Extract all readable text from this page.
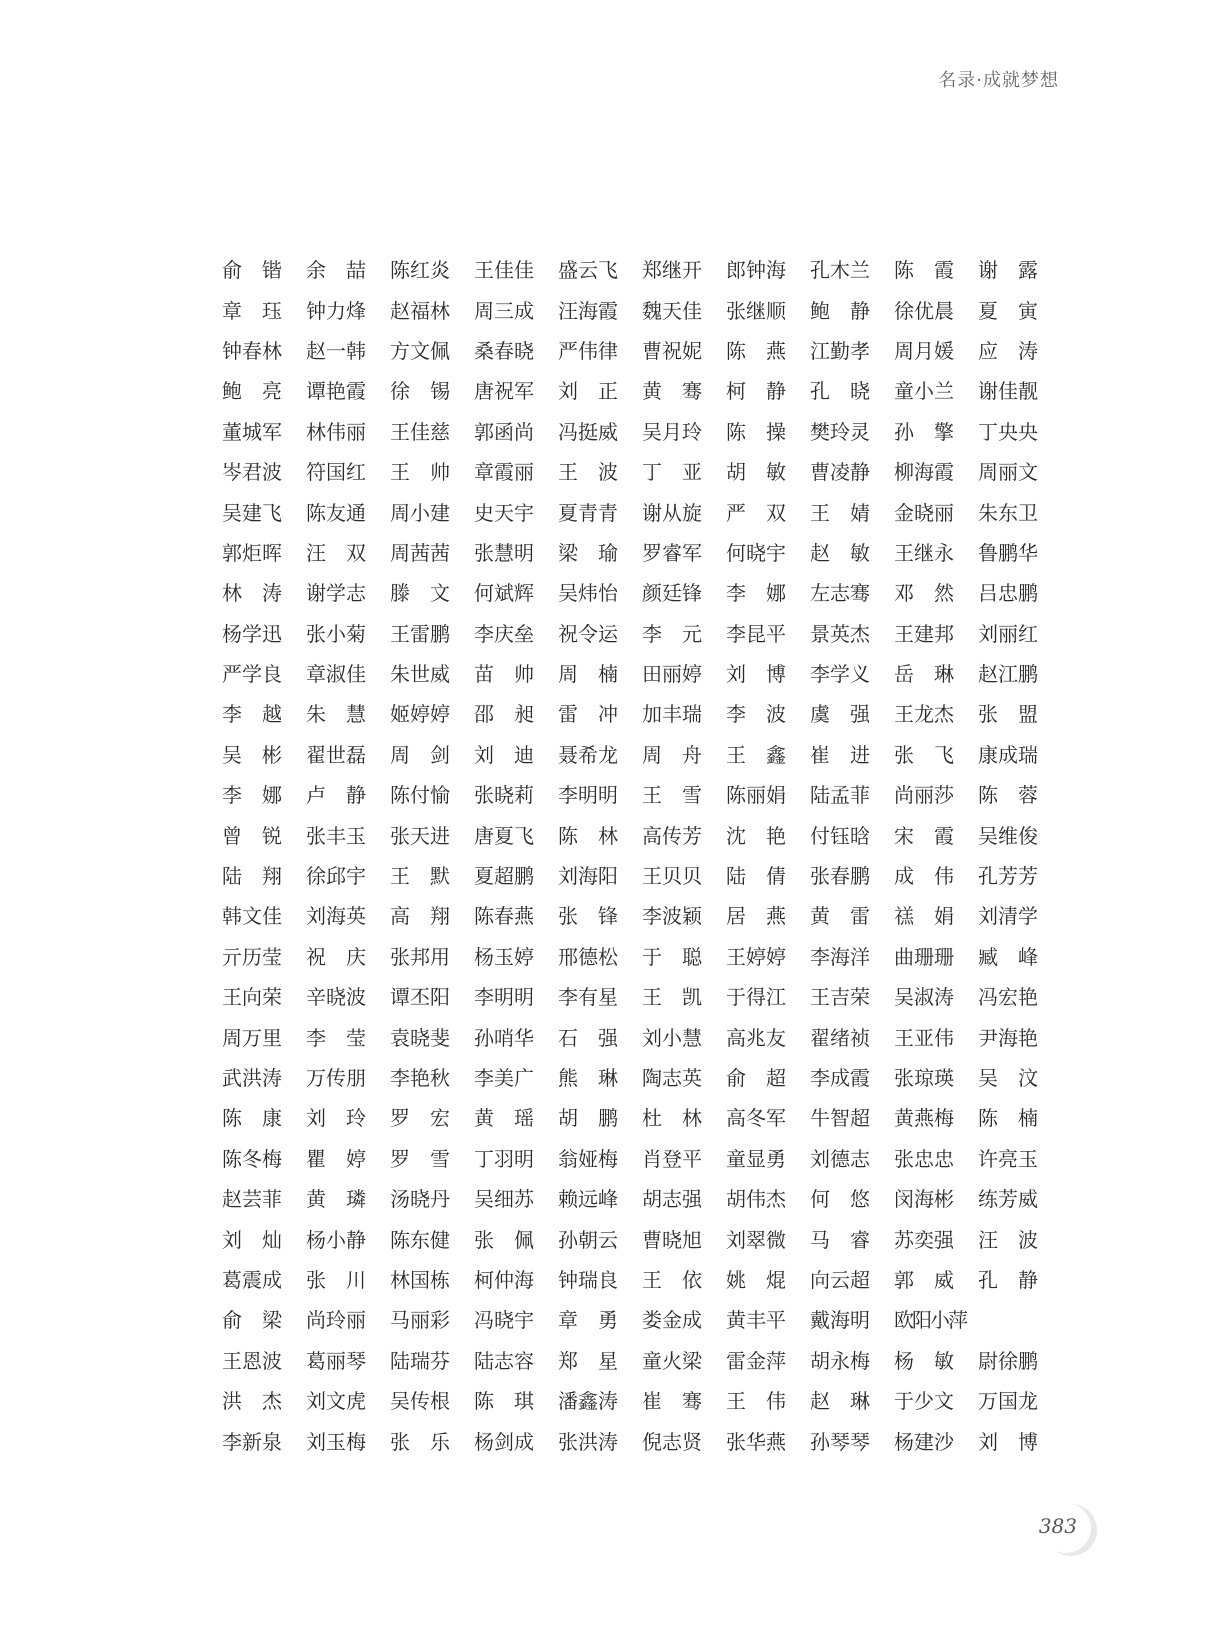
名录·成就梦想
俞 锴 余 喆 陈 红 炎 王 佳 佳 盛 云 飞 郑 继 开 郎 钟 海 孔 木 兰 陈 霞 谢 露
章 珏 钟 力 烽 赵 福 林 周 三 成 汪 海 霞 魏 天 佳 张 继 顺 鲍 静 徐 优 晨 夏 寅
钟 春 林 赵 一 韩 方 文 佩 桑 春 晓 严 伟 律 曹 祝 妮 陈 燕 江 勤 孝 周 月 媛 应 涛
鲍 亮 谭 艳 霞 徐 锡 唐 祝 军 刘 正 黄 骞 柯 静 孔 晓 童 小 兰 谢 佳 靓
董 城 军 林 伟 丽 王 佳 慈 郭 函 尚 冯 挺 威 吴 月 玲 陈 操 樊 玲 灵 孙 擎 丁 央 央
岑 君 波 符 国 红 王 帅 章 霞 丽 王 波 丁 亚 胡 敏 曹 凌 静 柳 海 霞 周 丽 文
吴 建 飞 陈 友 通 周 小 建 史 天 宇 夏 青 青 谢 从 旋 严 双 王 婧 金 晓 丽 朱 东 卫
郭 炬 晖 汪 双 周 茜 茜 张 慧 明 梁 瑜 罗 睿 军 何 晓 宇 赵 敏 王 继 永 鲁 鹏 华
林 涛 谢 学 志 滕 文 何 斌 辉 吴 炜 怡 颜 廷 锋 李 娜 左 志 骞 邓 然 吕 忠 鹏
杨 学 迅 张 小 菊 王 雷 鹏 李 庆 垒 祝 令 运 李 元 李 昆 平 景 英 杰 王 建 邦 刘 丽 红
严 学 良 章 淑 佳 朱 世 威 苗 帅 周 楠 田 丽 婷 刘 博 李 学 义 岳 琳 赵 江 鹏
李 越 朱 慧 姬 婷 婷 邵 昶 雷 冲 加 丰 瑞 李 波 虞 强 王 龙 杰 张 盟
吴 彬 翟 世 磊 周 剑 刘 迪 聂 希 龙 周 舟 王 鑫 崔 进 张 飞 康 成 瑞
李 娜 卢 静 陈 付 愉 张 晓 莉 李 明 明 王 雪 陈 丽 娟 陆 孟 菲 尚 丽 莎 陈 蓉
曾 锐 张 丰 玉 张 天 进 唐 夏 飞 陈 林 高 传 芳 沈 艳 付 钰 晗 宋 霞 吴 维 俊
陆 翔 徐 邱 宇 王 默 夏 超 鹏 刘 海 阳 王 贝 贝 陆 倩 张 春 鹏 成 伟 孔 芳 芳
韩 文 佳 刘 海 英 高 翔 陈 春 燕 张 锋 李 波 颖 居 燕 黄 雷 禚 娟 刘 清 学
亓 历 莹 祝 庆 张 邦 用 杨 玉 婷 邢 德 松 于 聪 王 婷 婷 李 海 洋 曲 珊 珊 臧 峰
王 向 荣 辛 晓 波 谭 丕 阳 李 明 明 李 有 星 王 凯 于 得 江 王 吉 荣 吴 淑 涛 冯 宏 艳
周 万 里 李 莹 袁 晓 斐 孙 哨 华 石 强 刘 小 慧 高 兆 友 翟 绪 祯 王 亚 伟 尹 海 艳
武 洪 涛 万 传 朋 李 艳 秋 李 美 广 熊 琳 陶 志 英 俞 超 李 成 霞 张 琼 瑛 吴 汶
陈 康 刘 玲 罗 宏 黄 瑶 胡 鹏 杜 林 高 冬 军 牛 智 超 黄 燕 梅 陈 楠
陈 冬 梅 瞿 婷 罗 雪 丁 羽 明 翁 娅 梅 肖 登 平 童 显 勇 刘 德 志 张 忠 忠 许 亮 玉
赵 芸 菲 黄 璘 汤 晓 丹 吴 细 苏 赖 远 峰 胡 志 强 胡 伟 杰 何 悠 闵 海 彬 练 芳 威
刘 灿 杨 小 静 陈 东 健 张 佩 孙 朝 云 曹 晓 旭 刘 翠 微 马 睿 苏 奕 强 汪 波
葛 震 成 张 川 林 国 栋 柯 仲 海 钟 瑞 良 王 依 姚 焜 向 云 超 郭 威 孔 静
俞 梁 尚 玲 丽 马 丽 彩 冯 晓 宇 章 勇 娄 金 成 黄 丰 平 戴 海 明 欧阳小萍
王 恩 波 葛 丽 琴 陆 瑞 芬 陆 志 容 郑 星 童 火 梁 雷 金 萍 胡 永 梅 杨 敏 尉 徐 鹏
洪 杰 刘 文 虎 吴 传 根 陈 琪 潘 鑫 涛 崔 骞 王 伟 赵 琳 于 少 文 万 国 龙
李 新 泉 刘 玉 梅 张 乐 杨 剑 成 张 洪 涛 倪 志 贤 张 华 燕 孙 琴 琴 杨 建 沙 刘 博
383
